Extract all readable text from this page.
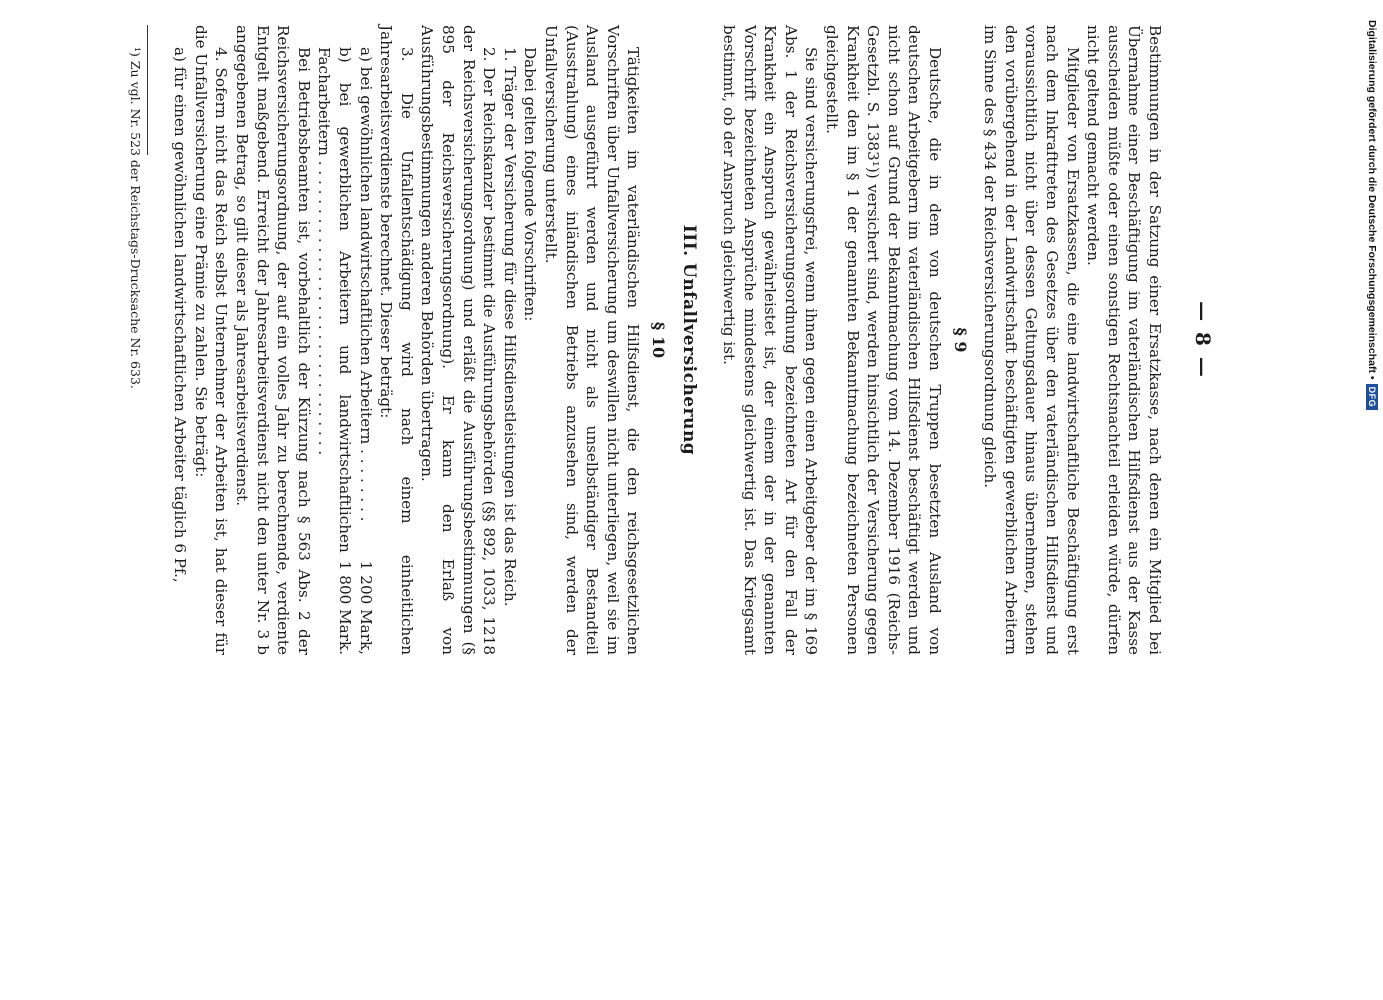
— 8 —

Bestimmungen in der Satzung einer Ersatzkasse, nach denen ein Mitglied bei Übernahme einer Beschäftigung im vaterländischen Hilfsdienst aus der Kasse ausscheiden müßte oder einen sonstigen Rechtsnachteil erleiden würde, dürfen nicht geltend gemacht werden.

Mitglieder von Ersatzkassen, die eine landwirtschaftliche Beschäftigung erst nach dem Inkrafttreten des Gesetzes über den vaterländischen Hilfsdienst und voraussichtlich nicht über dessen Geltungsdauer hinaus übernehmen, stehen den vorübergehend in der Landwirtschaft beschäftigten gewerblichen Arbeitern im Sinne des § 434 der Reichsversicherungsordnung gleich.

§ 9

Deutsche, die in dem von deutschen Truppen besetzten Ausland von deutschen Arbeitgebern im vaterländischen Hilfsdienst beschäftigt werden und nicht schon auf Grund der Bekanntmachung vom 14. Dezember 1916 (Reichs-Gesetzbl. S. 1383¹)) versichert sind, werden hinsichtlich der Versicherung gegen Krankheit den im § 1 der genannten Bekanntmachung bezeichneten Personen gleichgestellt.

Sie sind versicherungsfrei, wenn ihnen gegen einen Arbeitgeber der im § 169 Abs. 1 der Reichsversicherungsordnung bezeichneten Art für den Fall der Krankheit ein Anspruch gewährleistet ist, der einem der in der genannten Vorschrift bezeichneten Ansprüche mindestens gleichwertig ist. Das Kriegsamt bestimmt, ob der Anspruch gleichwertig ist.

III. Unfallversicherung
§ 10

Tätigkeiten im vaterländischen Hilfsdienst, die den reichsgesetzlichen Vorschriften über Unfallversicherung um deswillen nicht unterliegen, weil sie im Ausland ausgeführt werden und nicht als unselbständiger Bestandteil (Ausstrahlung) eines inländischen Betriebs anzusehen sind, werden der Unfallversicherung unterstellt.

Dabei gelten folgende Vorschriften:

1. Träger der Versicherung für diese Hilfsdienstleistungen ist das Reich.

2. Der Reichskanzler bestimmt die Ausführungsbehörden (§§ 892, 1033, 1218 der Reichsversicherungsordnung) und erläßt die Ausführungsbestimmungen (§ 895 der Reichsversicherungsordnung). Er kann den Erlaß von Ausführungsbestimmungen anderen Behörden übertragen.

3. Die Unfallentschädigung wird nach einem einheitlichen Jahresarbeitsverdienste berechnet. Dieser beträgt:

a) bei gewöhnlichen landwirtschaftlichen Arbeitern . . . . . . . .
1 200 Mark,
b) bei gewerblichen Arbeitern und landwirtschaftlichen Facharbeitern . . . . . . . . . . . . . . . . . . . . . . . . . . . . . . .
1 800 Mark.

Bei Betriebsbeamten ist, vorbehaltlich der Kürzung nach § 563 Abs. 2 der Reichsversicherungsordnung, der auf ein volles Jahr zu berechnende, verdiente Entgelt maßgebend. Erreicht der Jahresarbeitsverdienst nicht den unter Nr. 3 b angegebenen Betrag, so gilt dieser als Jahresarbeitsverdienst.

4. Sofern nicht das Reich selbst Unternehmer der Arbeiten ist, hat dieser für die Unfallversicherung eine Prämie zu zahlen. Sie beträgt:

a) für einen gewöhnlichen landwirtschaftlichen Arbeiter täglich 6 Pf.,

¹) Zu vgl. Nr. 523 der Reichstags-Drucksache Nr. 633.	Digitalisierung gefördert durch die Deutsche Forschungsgemeinschaft •
DFG
